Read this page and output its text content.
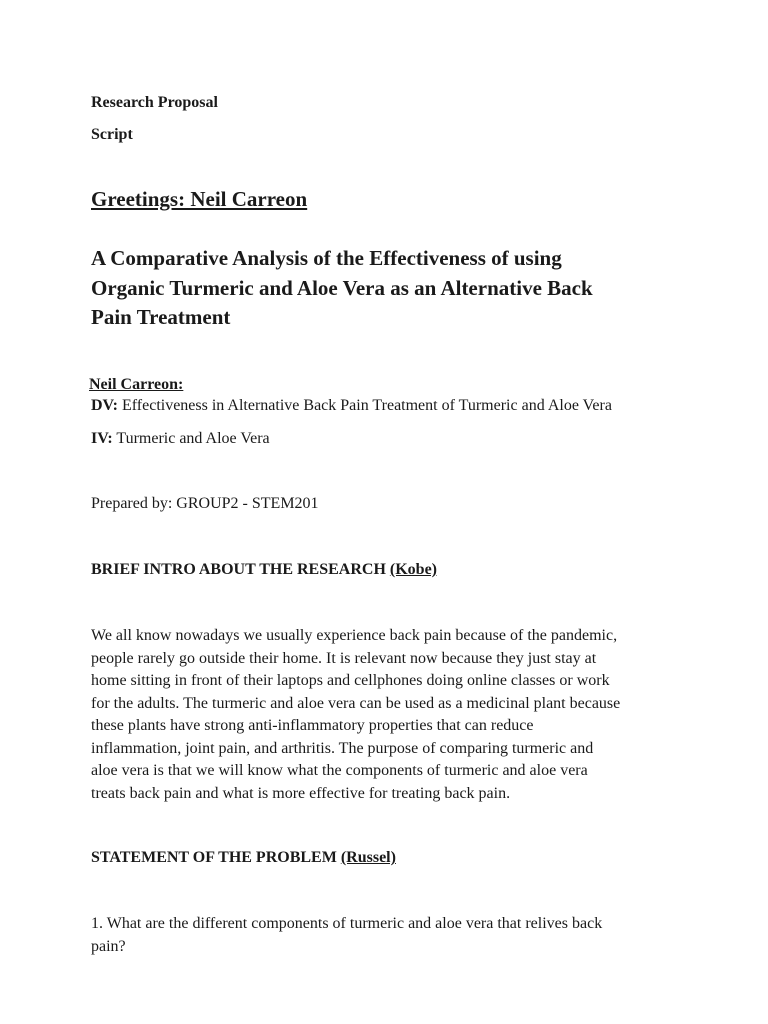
Research Proposal
Script
Greetings: Neil Carreon
A Comparative Analysis of the Effectiveness of using
Organic Turmeric and Aloe Vera as an Alternative Back
Pain Treatment
Neil Carreon:
DV: Effectiveness in Alternative Back Pain Treatment of Turmeric and Aloe Vera
IV: Turmeric and Aloe Vera
Prepared by: GROUP2 - STEM201
BRIEF INTRO ABOUT THE RESEARCH (Kobe)
We all know nowadays we usually experience back pain because of the pandemic,
people rarely go outside their home. It is relevant now because they just stay at
home sitting in front of their laptops and cellphones doing online classes or work
for the adults. The turmeric and aloe vera can be used as a medicinal plant because
these plants have strong anti-inflammatory properties that can reduce
inflammation, joint pain, and arthritis. The purpose of comparing turmeric and
aloe vera is that we will know what the components of turmeric and aloe vera
treats back pain and what is more effective for treating back pain.
STATEMENT OF THE PROBLEM (Russel)
1. What are the different components of turmeric and aloe vera that relives back
pain?
